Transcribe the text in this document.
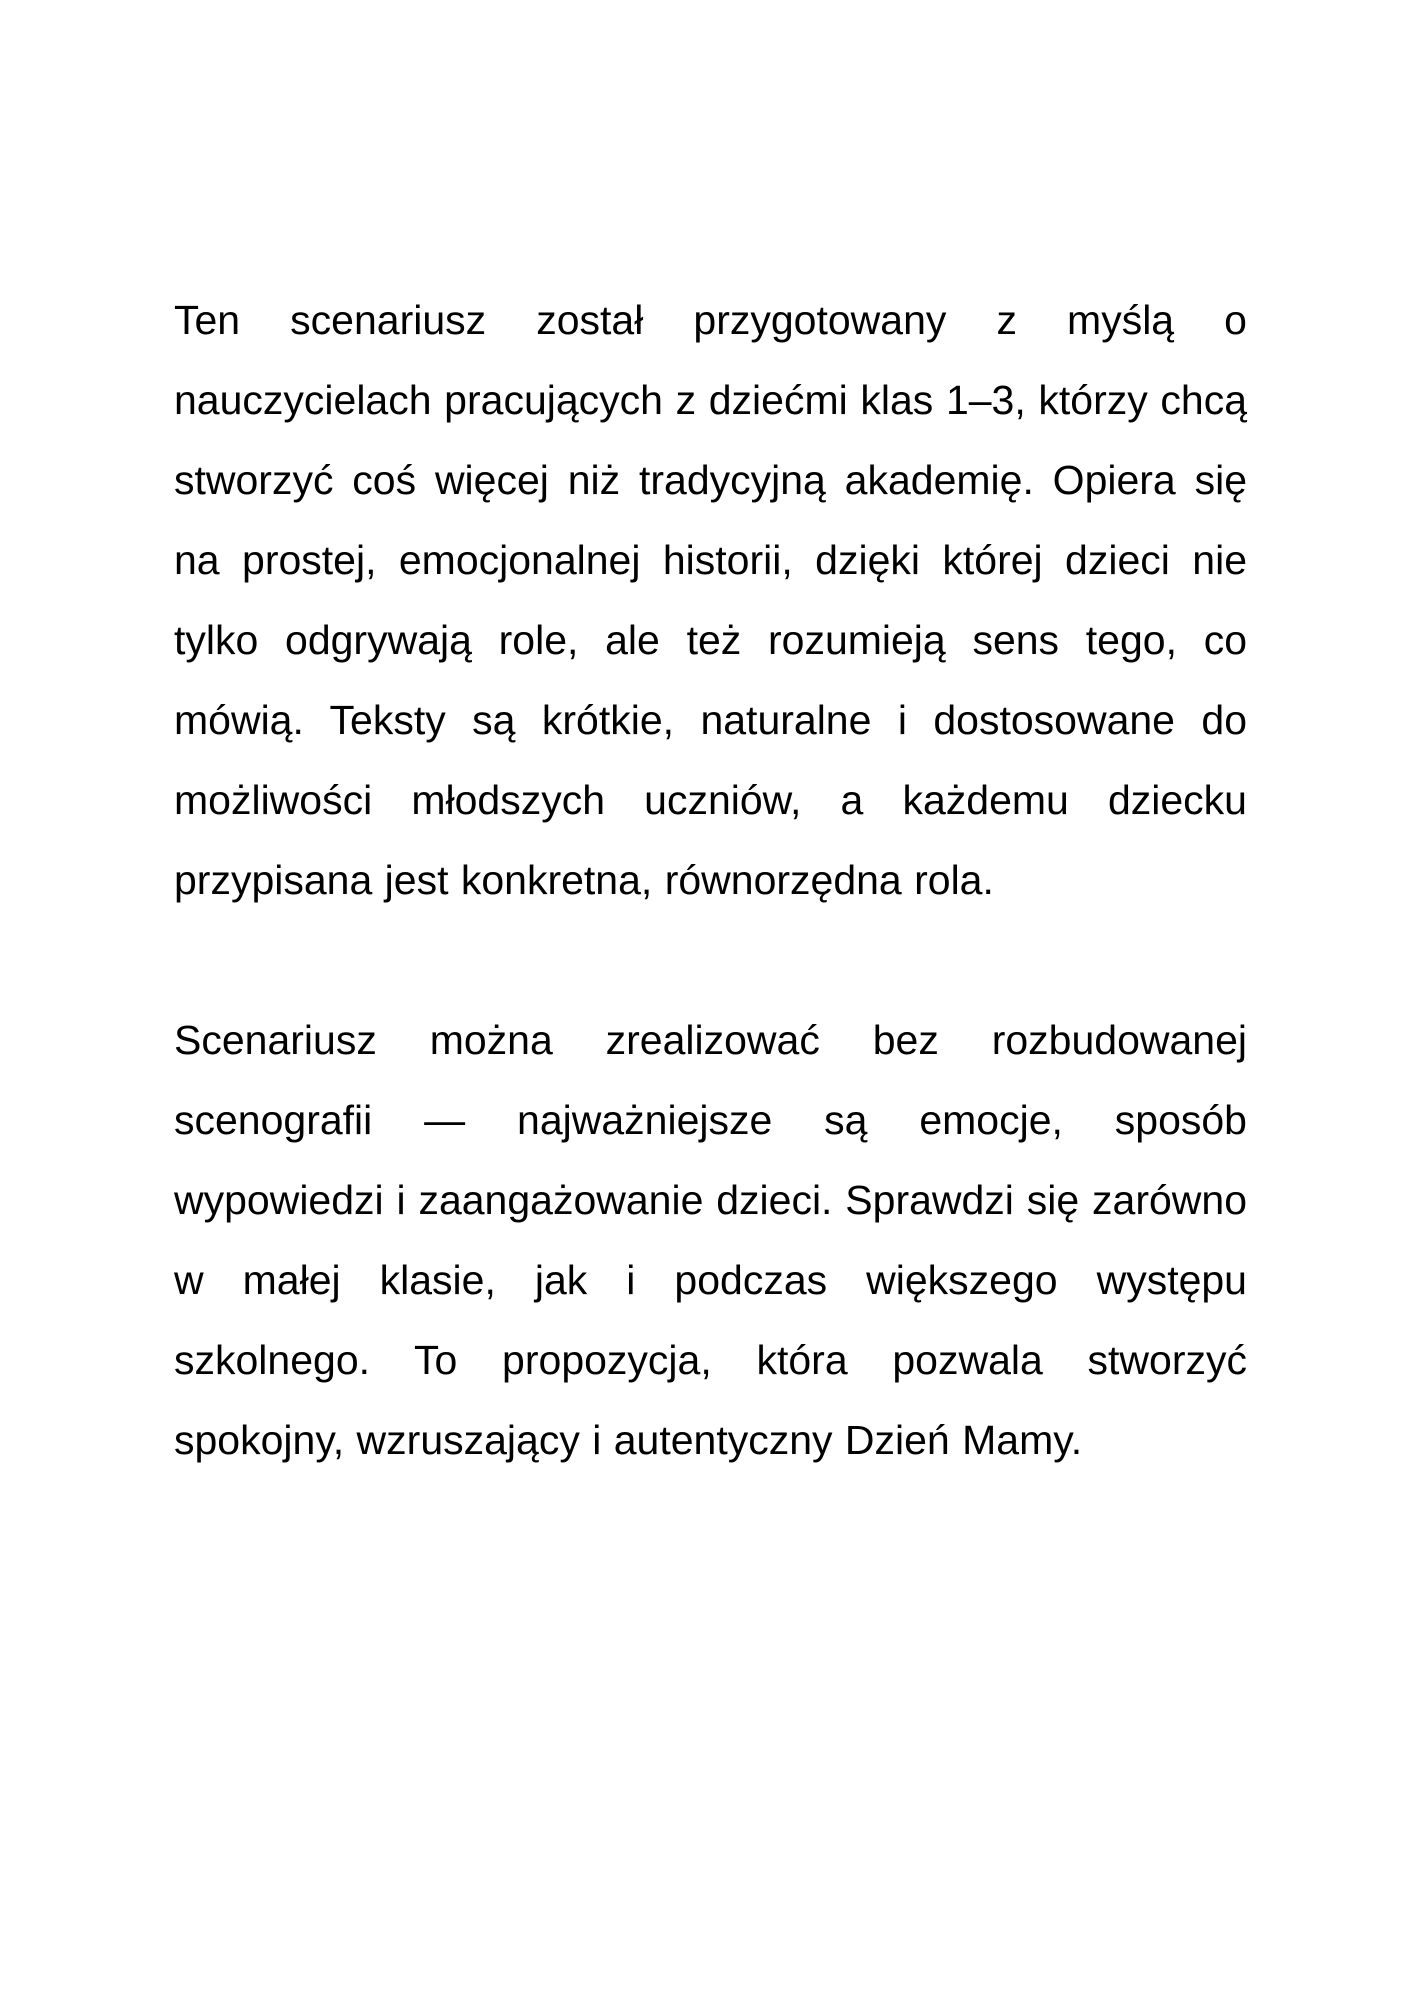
Ten scenariusz został przygotowany z myślą o nauczycielach pracujących z dziećmi klas 1–3, którzy chcą stworzyć coś więcej niż tradycyjną akademię. Opiera się na prostej, emocjonalnej historii, dzięki której dzieci nie tylko odgrywają role, ale też rozumieją sens tego, co mówią. Teksty są krótkie, naturalne i dostosowane do możliwości młodszych uczniów, a każdemu dziecku przypisana jest konkretna, równorzędna rola.

Scenariusz można zrealizować bez rozbudowanej scenografii — najważniejsze są emocje, sposób wypowiedzi i zaangażowanie dzieci. Sprawdzi się zarówno w małej klasie, jak i podczas większego występu szkolnego. To propozycja, która pozwala stworzyć spokojny, wzruszający i autentyczny Dzień Mamy.
